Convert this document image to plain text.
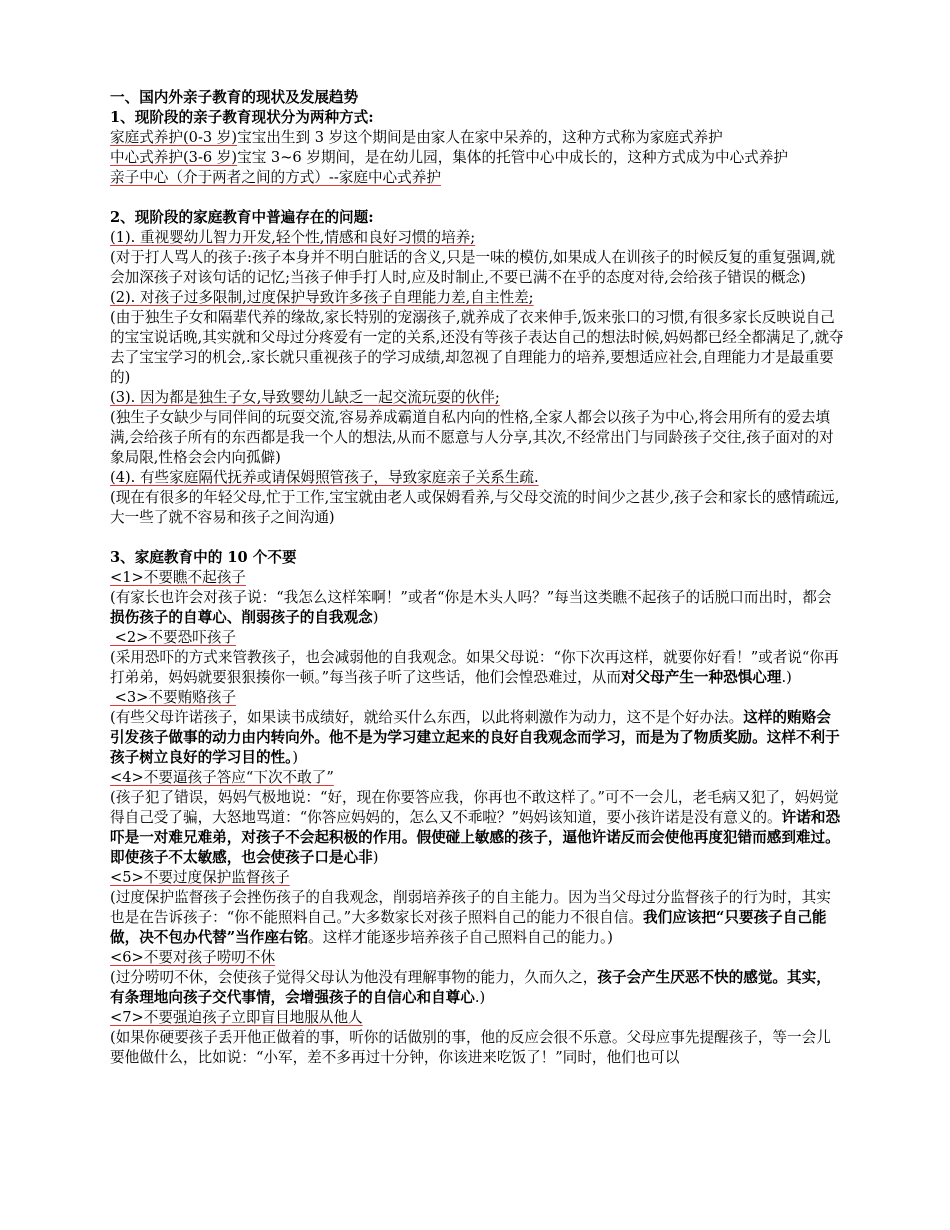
一、国内外亲子教育的现状及发展趋势
1、现阶段的亲子教育现状分为两种方式:
家庭式养护(0-3 岁)宝宝出生到 3 岁这个期间是由家人在家中呆养的，这种方式称为家庭式养护
中心式养护(3-6 岁)宝宝 3~6 岁期间，是在幼儿园，集体的托管中心中成长的，这种方式成为中心式养护
亲子中心（介于两者之间的方式）--家庭中心式养护
2、现阶段的家庭教育中普遍存在的问题:
(1). 重视婴幼儿智力开发,轻个性,情感和良好习惯的培养;
(对于打人骂人的孩子:孩子本身并不明白脏话的含义,只是一味的模仿,如果成人在训孩子的时候反复的重复强调,就会加深孩子对该句话的记忆;当孩子伸手打人时,应及时制止,不要已满不在乎的态度对待,会给孩子错误的概念)
(2). 对孩子过多限制,过度保护导致许多孩子自理能力差,自主性差;
(由于独生子女和隔辈代养的缘故,家长特别的宠溺孩子,就养成了衣来伸手,饭来张口的习惯,有很多家长反映说自己的宝宝说话晚,其实就和父母过分疼爱有一定的关系,还没有等孩子表达自己的想法时候,妈妈都已经全都满足了,就夺去了宝宝学习的机会,.家长就只重视孩子的学习成绩,却忽视了自理能力的培养,要想适应社会,自理能力才是最重要的)
(3). 因为都是独生子女,导致婴幼儿缺乏一起交流玩耍的伙伴;
(独生子女缺少与同伴间的玩耍交流,容易养成霸道自私内向的性格,全家人都会以孩子为中心,将会用所有的爱去填满,会给孩子所有的东西都是我一个人的想法,从而不愿意与人分享,其次,不经常出门与同龄孩子交往,孩子面对的对象局限,性格会会内向孤僻)
(4). 有些家庭隔代抚养或请保姆照管孩子，导致家庭亲子关系生疏.
(现在有很多的年轻父母,忙于工作,宝宝就由老人或保姆看养,与父母交流的时间少之甚少,孩子会和家长的感情疏远,大一些了就不容易和孩子之间沟通)
3、家庭教育中的 10 个不要
<1>不要瞧不起孩子
(有家长也许会对孩子说：“我怎么这样笨啊！”或者“你是木头人吗？”每当这类瞧不起孩子的话脱口而出时，都会损伤孩子的自尊心、削弱孩子的自我观念)
<2>不要恐吓孩子
(采用恐吓的方式来管教孩子，也会减弱他的自我观念。如果父母说：“你下次再这样，就要你好看！”或者说“你再打弟弟，妈妈就要狠狠揍你一顿。”每当孩子听了这些话，他们会惶恐难过，从而对父母产生一种恐惧心理.)
<3>不要贿赂孩子
(有些父母许诺孩子，如果读书成绩好，就给买什么东西，以此将刺激作为动力，这不是个好办法。这样的贿赂会引发孩子做事的动力由内转向外。他不是为学习建立起来的良好自我观念而学习，而是为了物质奖励。这样不利于孩子树立良好的学习目的性。)
<4>不要逼孩子答应“下次不敢了”
(孩子犯了错误，妈妈气极地说：“好，现在你要答应我，你再也不敢这样了。”可不一会儿，老毛病又犯了，妈妈觉得自己受了骗，大怒地骂道：“你答应妈妈的，怎么又不乖啦？”妈妈该知道，要小孩许诺是没有意义的。许诺和恐吓是一对难兄难弟，对孩子不会起积极的作用。假使碰上敏感的孩子，逼他许诺反而会使他再度犯错而感到难过。即使孩子不太敏感，也会使孩子口是心非)
<5>不要过度保护监督孩子
(过度保护监督孩子会挫伤孩子的自我观念，削弱培养孩子的自主能力。因为当父母过分监督孩子的行为时，其实也是在告诉孩子：“你不能照料自己。”大多数家长对孩子照料自己的能力不很自信。我们应该把“只要孩子自己能做，决不包办代替”当作座右铭。这样才能逐步培养孩子自己照料自己的能力。)
<6>不要对孩子唠叨不休
(过分唠叨不休，会使孩子觉得父母认为他没有理解事物的能力，久而久之，孩子会产生厌恶不快的感觉。其实，有条理地向孩子交代事情，会增强孩子的自信心和自尊心.)
<7>不要强迫孩子立即盲目地服从他人
(如果你硬要孩子丢开他正做着的事，听你的话做别的事，他的反应会很不乐意。父母应事先提醒孩子，等一会儿要他做什么，比如说：“小军，差不多再过十分钟，你该进来吃饭了！”同时，他们也可以
